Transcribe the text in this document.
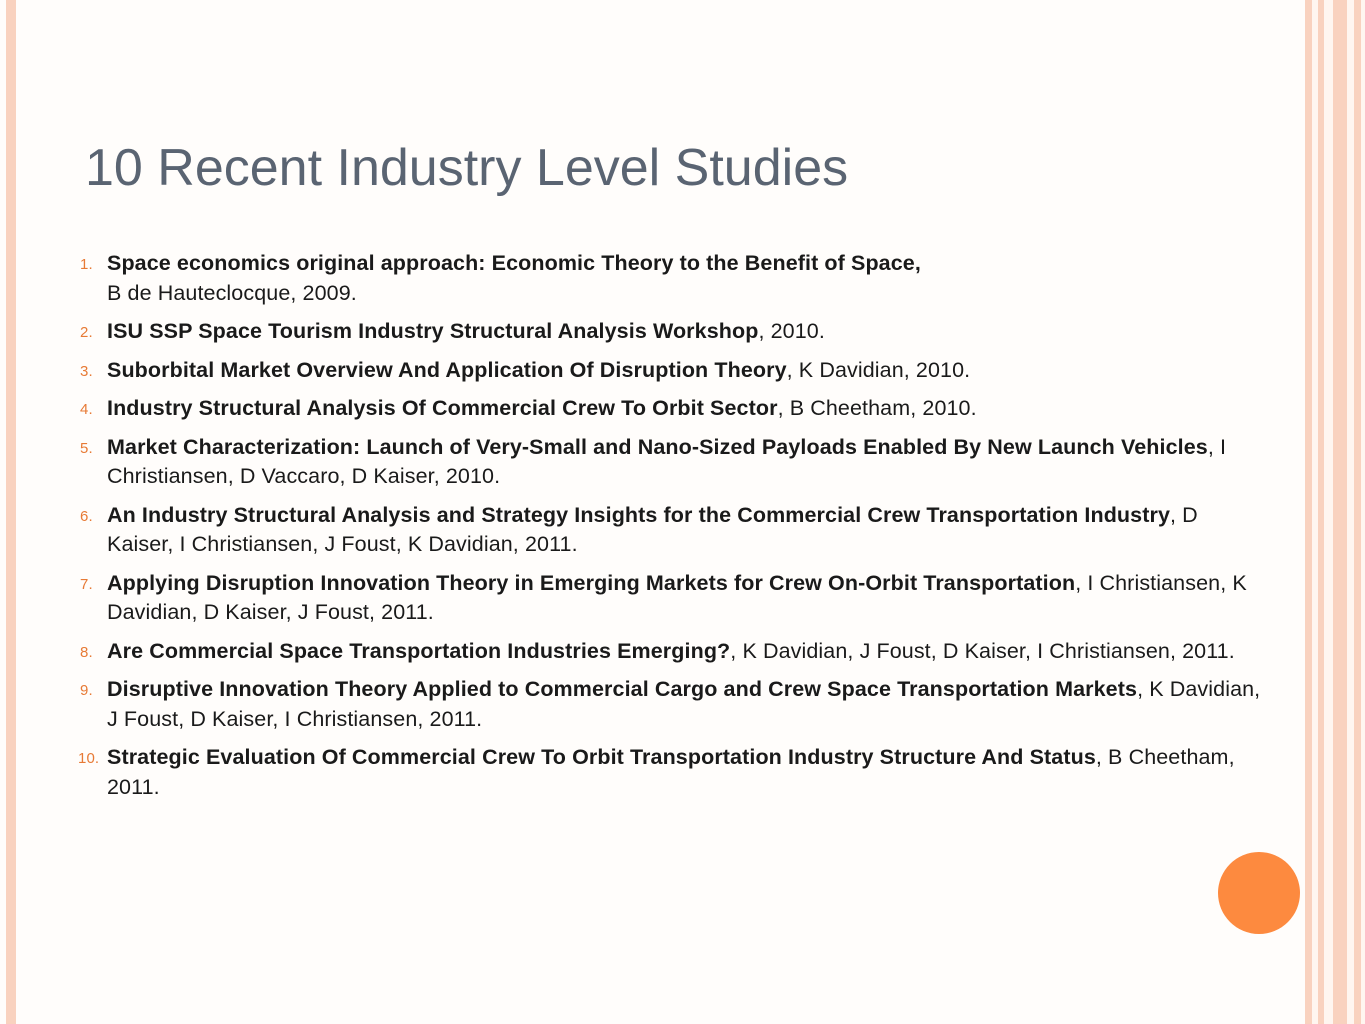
10 Recent Industry Level Studies
1. Space economics original approach: Economic Theory to the Benefit of Space,
B de Hauteclocque, 2009.
2. ISU SSP Space Tourism Industry Structural Analysis Workshop, 2010.
3. Suborbital Market Overview And Application Of Disruption Theory, K Davidian, 2010.
4. Industry Structural Analysis Of Commercial Crew To Orbit Sector, B Cheetham, 2010.
5. Market Characterization: Launch of Very-Small and Nano-Sized Payloads Enabled By New Launch Vehicles, I Christiansen, D Vaccaro, D Kaiser, 2010.
6. An Industry Structural Analysis and Strategy Insights for the Commercial Crew Transportation Industry, D Kaiser, I Christiansen, J Foust, K Davidian, 2011.
7. Applying Disruption Innovation Theory in Emerging Markets for Crew On-Orbit Transportation, I Christiansen, K Davidian, D Kaiser, J Foust, 2011.
8. Are Commercial Space Transportation Industries Emerging?, K Davidian, J Foust, D Kaiser, I Christiansen, 2011.
9. Disruptive Innovation Theory Applied to Commercial Cargo and Crew Space Transportation Markets, K Davidian, J Foust, D Kaiser, I Christiansen, 2011.
10. Strategic Evaluation Of Commercial Crew To Orbit Transportation Industry Structure And Status, B Cheetham, 2011.
